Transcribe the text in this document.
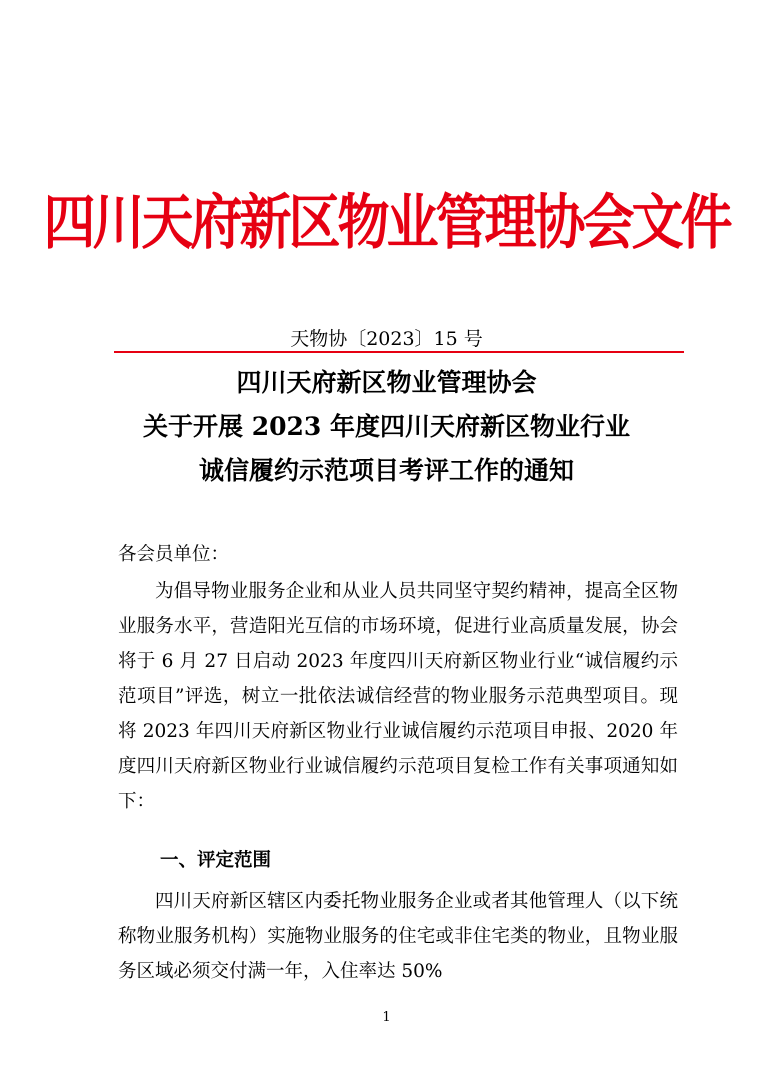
四川天府新区物业管理协会文件
天物协〔2023〕15 号
四川天府新区物业管理协会
关于开展 2023 年度四川天府新区物业行业
诚信履约示范项目考评工作的通知
各会员单位：
为倡导物业服务企业和从业人员共同坚守契约精神，提高全区物业服务水平，营造阳光互信的市场环境，促进行业高质量发展，协会将于 6 月 27 日启动 2023 年度四川天府新区物业行业“诚信履约示范项目”评选，树立一批依法诚信经营的物业服务示范典型项目。现将 2023 年四川天府新区物业行业诚信履约示范项目申报、2020 年度四川天府新区物业行业诚信履约示范项目复检工作有关事项通知如下：
一、评定范围
四川天府新区辖区内委托物业服务企业或者其他管理人（以下统称物业服务机构）实施物业服务的住宅或非住宅类的物业，且物业服务区域必须交付满一年，入住率达 50%
1
